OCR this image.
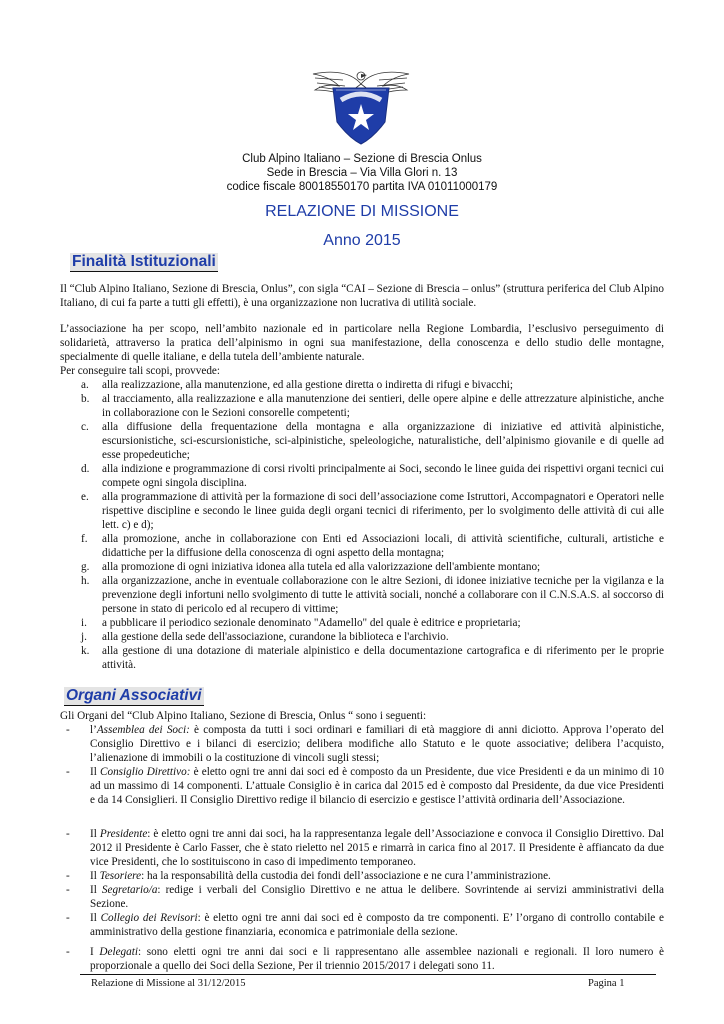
Club Alpino Italiano – Sezione di Brescia Onlus
Sede in Brescia – Via Villa Glori n. 13
codice fiscale 80018550170 partita IVA 01011000179
RELAZIONE DI MISSIONE
Anno 2015
Finalità Istituzionali
Il “Club Alpino Italiano, Sezione di Brescia, Onlus”, con sigla “CAI – Sezione di Brescia – onlus” (struttura periferica del Club Alpino Italiano, di cui fa parte a tutti gli effetti), è una organizzazione non lucrativa di utilità sociale.
L’associazione ha per scopo, nell’ambito nazionale ed in particolare nella Regione Lombardia, l’esclusivo perseguimento di solidarietà, attraverso la pratica dell’alpinismo in ogni sua manifestazione, della conoscenza e dello studio delle montagne, specialmente di quelle italiane, e della tutela dell’ambiente naturale.
Per conseguire tali scopi, provvede:
a. alla realizzazione, alla manutenzione, ed alla gestione diretta o indiretta di rifugi e bivacchi;
b. al tracciamento, alla realizzazione e alla manutenzione dei sentieri, delle opere alpine e delle attrezzature alpinistiche, anche in collaborazione con le Sezioni consorelle competenti;
c. alla diffusione della frequentazione della montagna e alla organizzazione di iniziative ed attività alpinistiche, escursionistiche, sci-escursionistiche, sci-alpinistiche, speleologiche, naturalistiche, dell’alpinismo giovanile e di quelle ad esse propedeutiche;
d. alla indizione e programmazione di corsi rivolti principalmente ai Soci, secondo le linee guida dei rispettivi organi tecnici cui compete ogni singola disciplina.
e. alla programmazione di attività per la formazione di soci dell’associazione come Istruttori, Accompagnatori e Operatori nelle rispettive discipline e secondo le linee guida degli organi tecnici di riferimento, per lo svolgimento delle attività di cui alle lett. c) e d);
f. alla promozione, anche in collaborazione con Enti ed Associazioni locali, di attività scientifiche, culturali, artistiche e didattiche per la diffusione della conoscenza di ogni aspetto della montagna;
g. alla promozione di ogni iniziativa idonea alla tutela ed alla valorizzazione dell'ambiente montano;
h. alla organizzazione, anche in eventuale collaborazione con le altre Sezioni, di idonee iniziative tecniche per la vigilanza e la prevenzione degli infortuni nello svolgimento di tutte le attività sociali, nonché a collaborare con il C.N.S.A.S. al soccorso di persone in stato di pericolo ed al recupero di vittime;
i. a pubblicare il periodico sezionale denominato "Adamello" del quale è editrice e proprietaria;
j. alla gestione della sede dell'associazione, curandone la biblioteca e l'archivio.
k. alla gestione di una dotazione di materiale alpinistico e della documentazione cartografica e di riferimento per le proprie attività.
Organi Associativi
Gli Organi del “Club Alpino Italiano, Sezione di Brescia, Onlus “ sono i seguenti:
- l’Assemblea dei Soci: è composta da tutti i soci ordinari e familiari di età maggiore di anni diciotto. Approva l’operato del Consiglio Direttivo e i bilanci di esercizio; delibera modifiche allo Statuto e le quote associative; delibera l’acquisto, l’alienazione di immobili o la costituzione di vincoli sugli stessi;
- Il Consiglio Direttivo: è eletto ogni tre anni dai soci ed è composto da un Presidente, due vice Presidenti e da un minimo di 10 ad un massimo di 14 componenti. L’attuale Consiglio è in carica dal 2015 ed è composto dal Presidente, da due vice Presidenti e da 14 Consiglieri. Il Consiglio Direttivo redige il bilancio di esercizio e gestisce l’attività ordinaria dell’Associazione.
- Il Presidente: è eletto ogni tre anni dai soci, ha la rappresentanza legale dell’Associazione e convoca il Consiglio Direttivo. Dal 2012 il Presidente è Carlo Fasser, che è stato rieletto nel 2015 e rimarrà in carica fino al 2017. Il Presidente è affiancato da due vice Presidenti, che lo sostituiscono in caso di impedimento temporaneo.
- Il Tesoriere: ha la responsabilità della custodia dei fondi dell’associazione e ne cura l’amministrazione.
- Il Segretario/a: redige i verbali del Consiglio Direttivo e ne attua le delibere. Sovrintende ai servizi amministrativi della Sezione.
- Il Collegio dei Revisori: è eletto ogni tre anni dai soci ed è composto da tre componenti. E’ l’organo di controllo contabile e amministrativo della gestione finanziaria, economica e patrimoniale della sezione.
- I Delegati: sono eletti ogni tre anni dai soci e li rappresentano alle assemblee nazionali e regionali. Il loro numero è proporzionale a quello dei Soci della Sezione, Per il triennio 2015/2017 i delegati sono 11.
Relazione di Missione al 31/12/2015	Pagina 1
